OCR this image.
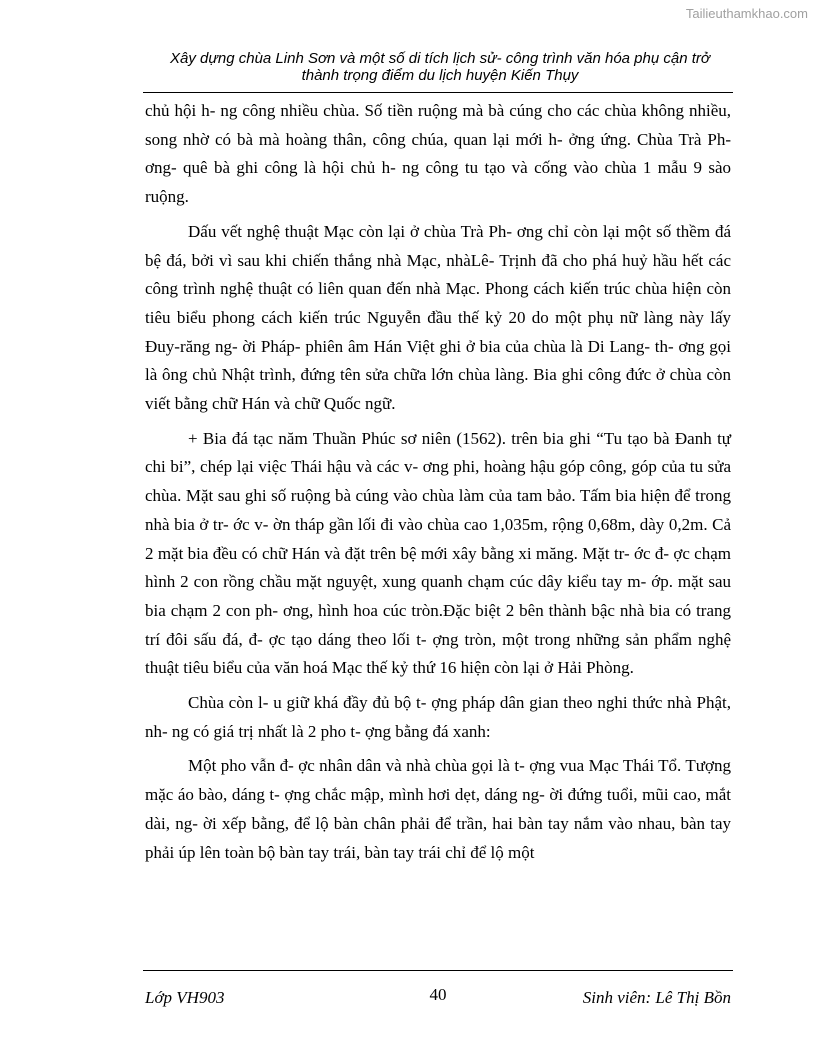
Tailieuthamkhao.com
Xây dựng chùa Linh Sơn và một số di tích lịch sử- công trình văn hóa phụ cận trở
thành trọng điểm du lịch huyện Kiến Thụy

chủ hội h- ng công nhiều chùa. Số tiền ruộng mà bà cúng cho các chùa không nhiều, song nhờ có bà mà hoàng thân, công chúa, quan lại mới h- ởng ứng. Chùa Trà Ph- ơng- quê bà ghi công là hội chủ h- ng công tu tạo và cống vào chùa 1 mẫu 9 sào ruộng.

Dấu vết nghệ thuật Mạc còn lại ở chùa Trà Ph- ơng chỉ còn lại một số thềm đá bệ đá, bởi vì sau khi chiến thắng nhà Mạc, nhàLê- Trịnh đã cho phá huỷ hầu hết các công trình nghệ thuật có liên quan đến nhà Mạc. Phong cách kiến trúc chùa hiện còn tiêu biểu phong cách kiến trúc Nguyễn đầu thế kỷ 20 do một phụ nữ làng này lấy Đuy-răng ng- ời Pháp- phiên âm Hán Việt ghi ở bia của chùa là Di Lang- th- ơng gọi là ông chủ Nhật trình, đứng tên sửa chữa lớn chùa làng. Bia ghi công đức ở chùa còn viết bằng chữ Hán và chữ Quốc ngữ.

+ Bia đá tạc năm Thuần Phúc sơ niên (1562). trên bia ghi “Tu tạo bà Đanh tự chi bi”, chép lại việc Thái hậu và các v- ơng phi, hoàng hậu góp công, góp của tu sửa chùa. Mặt sau ghi số ruộng bà cúng vào chùa làm của tam bảo. Tấm bia hiện để trong nhà bia ở tr- ớc v- ờn tháp gần lối đi vào chùa cao 1,035m, rộng 0,68m, dày 0,2m. Cả 2 mặt bia đều có chữ Hán và đặt trên bệ mới xây bằng xi măng. Mặt tr- ớc đ- ợc chạm hình 2 con rồng chầu mặt nguyệt, xung quanh chạm cúc dây kiểu tay m- ớp. mặt sau bia chạm 2 con ph- ơng, hình hoa cúc tròn.Đặc biệt 2 bên thành bậc nhà bia có trang trí đôi sấu đá, đ- ợc tạo dáng theo lối t- ợng tròn, một trong những sản phẩm nghệ thuật tiêu biểu của văn hoá Mạc thế kỷ thứ 16 hiện còn lại ở Hải Phòng.

Chùa còn l- u giữ khá đầy đủ bộ t- ợng pháp dân gian theo nghi thức nhà Phật, nh- ng có giá trị nhất là 2 pho t- ợng bằng đá xanh:

Một pho vẫn đ- ợc nhân dân và nhà chùa gọi là t- ợng vua Mạc Thái Tổ. Tượng mặc áo bào, dáng t- ợng chắc mập, mình hơi dẹt, dáng ng- ời đứng tuổi, mũi cao, mắt dài, ng- ời xếp bằng, để lộ bàn chân phải để trần, hai bàn tay nắm vào nhau, bàn tay phải úp lên toàn bộ bàn tay trái, bàn tay trái chỉ để lộ một

Lớp VH903	40	Sinh viên: Lê Thị Bồn
